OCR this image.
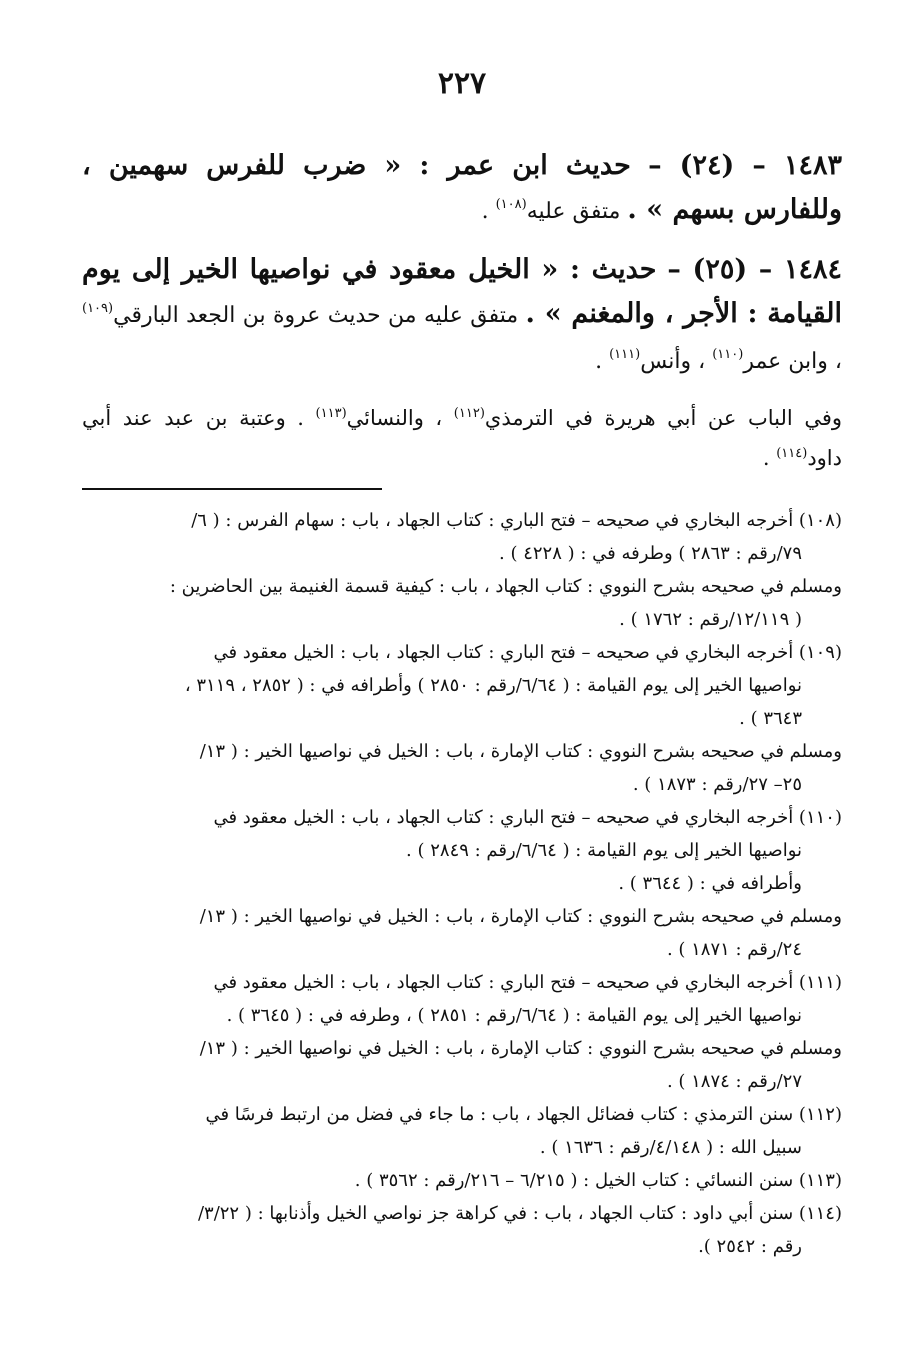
٢٢٧
١٤٨٣ – (٢٤) – حديث ابن عمر : « ضرب للفرس سهمين ، وللفارس بسهم » . متفق عليه$^{(١٠٨)}$ .
١٤٨٤ – (٢٥) – حديث : « الخيل معقود في نواصيها الخير إلى يوم القيامة : الأجر ، والمغنم » . متفق عليه من حديث عروة بن الجعد البارقي$^{(١٠٩)}$ ، وابن عمر$^{(١١٠)}$ ، وأنس$^{(١١١)}$ .
وفي الباب عن أبي هريرة في الترمذي$^{(١١٢)}$ ، والنسائي$^{(١١٣)}$ . وعتبة بن عبد عند أبي داود$^{(١١٤)}$ .

(١٠٨) أخرجه البخاري في صحيحه – فتح الباري : كتاب الجهاد ، باب : سهام الفرس : ( ٦/

٧٩/رقم : ٢٨٦٣ ) وطرفه في : ( ٤٢٢٨ ) .

ومسلم في صحيحه بشرح النووي : كتاب الجهاد ، باب : كيفية قسمة الغنيمة بين الحاضرين :

( ١٢/١١٩/رقم : ١٧٦٢ ) .

(١٠٩) أخرجه البخاري في صحيحه – فتح الباري : كتاب الجهاد ، باب : الخيل معقود في

نواصيها الخير إلى يوم القيامة : ( ٦/٦٤/رقم : ٢٨٥٠ ) وأطرافه في : ( ٢٨٥٢ ، ٣١١٩ ،

٣٦٤٣ ) .

ومسلم في صحيحه بشرح النووي : كتاب الإمارة ، باب : الخيل في نواصيها الخير : ( ١٣/

٢٥– ٢٧/رقم : ١٨٧٣ ) .

(١١٠) أخرجه البخاري في صحيحه – فتح الباري : كتاب الجهاد ، باب : الخيل معقود في

نواصيها الخير إلى يوم القيامة : ( ٦/٦٤/رقم : ٢٨٤٩ ) .

وأطرافه في : ( ٣٦٤٤ ) .

ومسلم في صحيحه بشرح النووي : كتاب الإمارة ، باب : الخيل في نواصيها الخير : ( ١٣/

٢٤/رقم : ١٨٧١ ) .

(١١١) أخرجه البخاري في صحيحه – فتح الباري : كتاب الجهاد ، باب : الخيل معقود في

نواصيها الخير إلى يوم القيامة : ( ٦/٦٤/رقم : ٢٨٥١ ) ، وطرفه في : ( ٣٦٤٥ ) .

ومسلم في صحيحه بشرح النووي : كتاب الإمارة ، باب : الخيل في نواصيها الخير : ( ١٣/

٢٧/رقم : ١٨٧٤ ) .

(١١٢) سنن الترمذي : كتاب فضائل الجهاد ، باب : ما جاء في فضل من ارتبط فرسًا في

سبيل الله : ( ٤/١٤٨/رقم : ١٦٣٦ ) .

(١١٣) سنن النسائي : كتاب الخيل : ( ٦/٢١٥ – ٢١٦/رقم : ٣٥٦٢ ) .

(١١٤) سنن أبي داود : كتاب الجهاد ، باب : في كراهة جز نواصي الخيل وأذنابها : ( ٣/٢٢/

رقم : ٢٥٤٢ ).
